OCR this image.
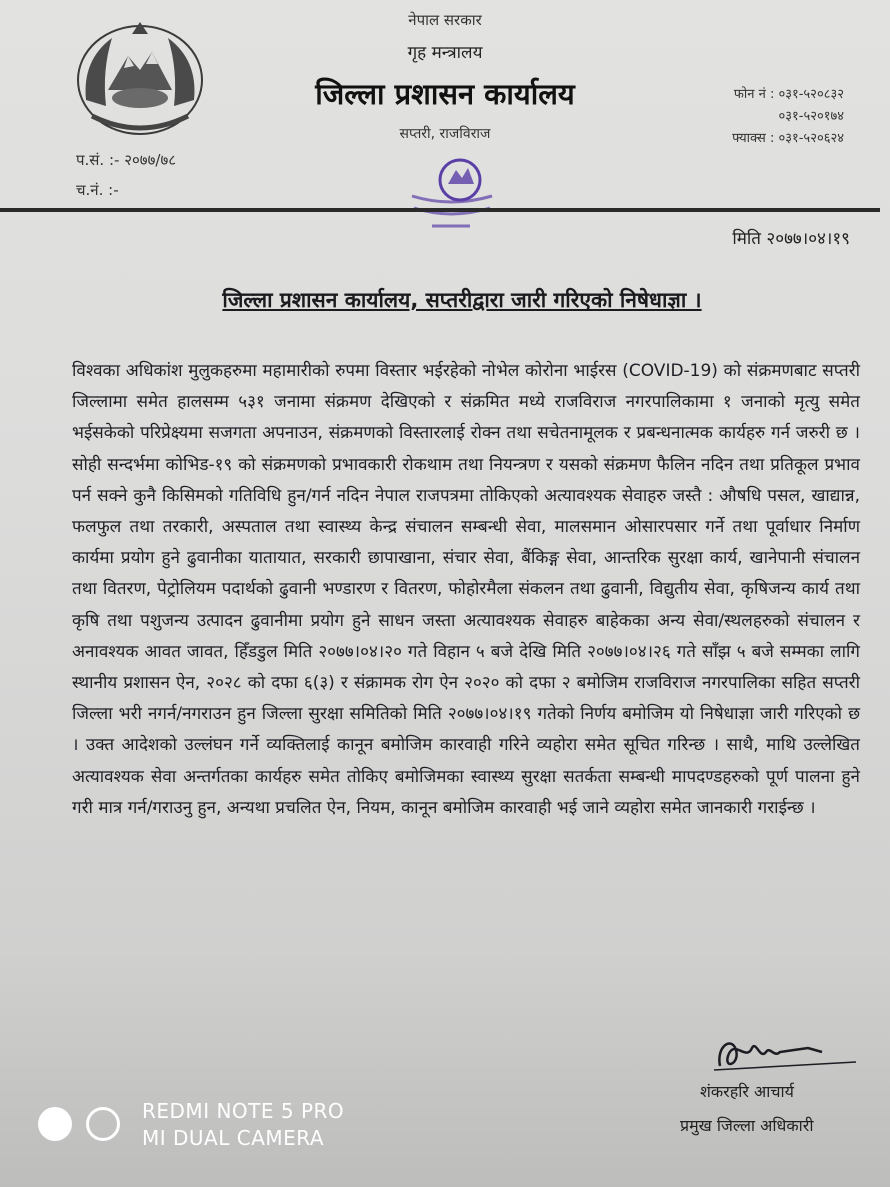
नेपाल सरकार
गृह मन्त्रालय
जिल्ला प्रशासन कार्यालय
सप्तरी, राजविराज
फोन नं : ०३१-५२०८३२
०३१-५२०१७४
फ्याक्स : ०३१-५२०६२४
प.सं. :- २०७७/७८
च.नं. :-
मिति २०७७।०४।१९
जिल्ला प्रशासन कार्यालय, सप्तरीद्वारा जारी गरिएको निषेधाज्ञा ।
विश्वका अधिकांश मुलुकहरुमा महामारीको रुपमा विस्तार भईरहेको नोभेल कोरोना भाईरस (COVID-19) को संक्रमणबाट सप्तरी जिल्लामा समेत हालसम्म ५३१ जनामा संक्रमण देखिएको र संक्रमित मध्ये राजविराज नगरपालिकामा १ जनाको मृत्यु समेत भईसकेको परिप्रेक्ष्यमा सजगता अपनाउन, संक्रमणको विस्तारलाई रोक्न तथा सचेतनामूलक र प्रबन्धनात्मक कार्यहरु गर्न जरुरी छ । सोही सन्दर्भमा कोभिड-१९ को संक्रमणको प्रभावकारी रोकथाम तथा नियन्त्रण र यसको संक्रमण फैलिन नदिन तथा प्रतिकूल प्रभाव पर्न सक्ने कुनै किसिमको गतिविधि हुन/गर्न नदिन नेपाल राजपत्रमा तोकिएको अत्यावश्यक सेवाहरु जस्तै : औषधि पसल, खाद्यान्न, फलफुल तथा तरकारी, अस्पताल तथा स्वास्थ्य केन्द्र संचालन सम्बन्धी सेवा, मालसमान ओसारपसार गर्ने तथा पूर्वाधार निर्माण कार्यमा प्रयोग हुने ढुवानीका यातायात, सरकारी छापाखाना, संचार सेवा, बैंकिङ्ग सेवा, आन्तरिक सुरक्षा कार्य, खानेपानी संचालन तथा वितरण, पेट्रोलियम पदार्थको ढुवानी भण्डारण र वितरण, फोहोरमैला संकलन तथा ढुवानी, विद्युतीय सेवा, कृषिजन्य कार्य तथा कृषि तथा पशुजन्य उत्पादन ढुवानीमा प्रयोग हुने साधन जस्ता अत्यावश्यक सेवाहरु बाहेकका अन्य सेवा/स्थलहरुको संचालन र अनावश्यक आवत जावत, हिँडडुल मिति २०७७।०४।२० गते विहान ५ बजे देखि मिति २०७७।०४।२६ गते साँझ ५ बजे सम्मका लागि स्थानीय प्रशासन ऐन, २०२८ को दफा ६(३) र संक्रामक रोग ऐन २०२० को दफा २ बमोजिम राजविराज नगरपालिका सहित सप्तरी जिल्ला भरी नगर्न/नगराउन हुन जिल्ला सुरक्षा समितिको मिति २०७७।०४।१९ गतेको निर्णय बमोजिम यो निषेधाज्ञा जारी गरिएको छ । उक्त आदेशको उल्लंघन गर्ने व्यक्तिलाई कानून बमोजिम कारवाही गरिने व्यहोरा समेत सूचित गरिन्छ । साथै, माथि उल्लेखित अत्यावश्यक सेवा अन्तर्गतका कार्यहरु समेत तोकिए बमोजिमका स्वास्थ्य सुरक्षा सतर्कता सम्बन्धी मापदण्डहरुको पूर्ण पालना हुने गरी मात्र गर्न/गराउनु हुन, अन्यथा प्रचलित ऐन, नियम, कानून बमोजिम कारवाही भई जाने व्यहोरा समेत जानकारी गराईन्छ ।
शंकरहरि आचार्य
प्रमुख जिल्ला अधिकारी
REDMI NOTE 5 PRO
MI DUAL CAMERA
